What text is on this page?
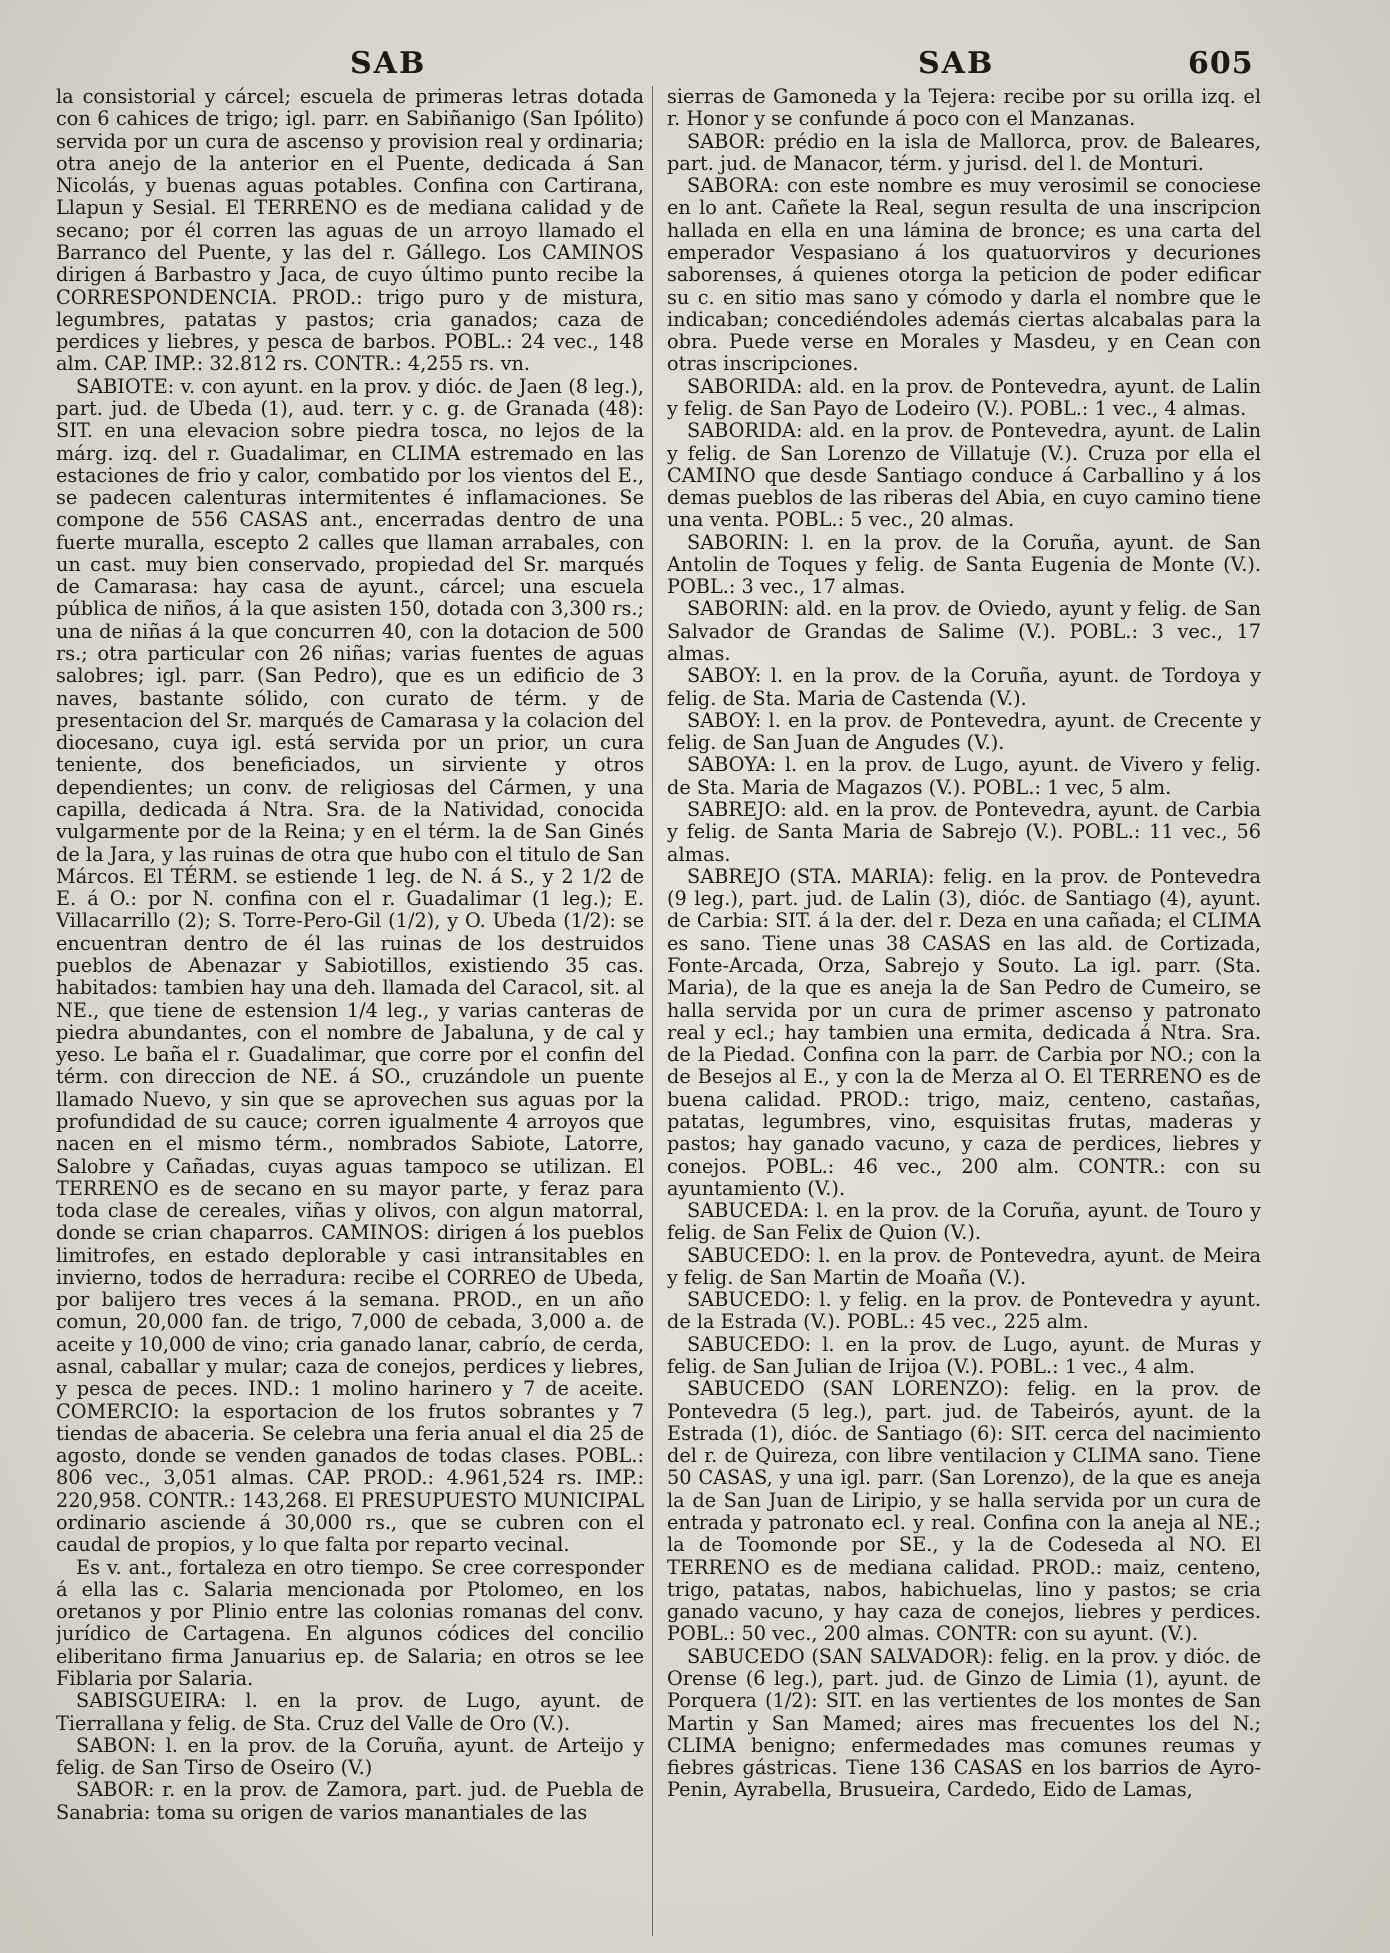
SAB	SAB	605

la consistorial y cárcel; escuela de primeras letras dotada con 6 cahices de trigo; igl. parr. en Sabiñanigo (San Ipólito) servida por un cura de ascenso y provision real y ordinaria; otra anejo de la anterior en el Puente, dedicada á San Nicolás, y buenas aguas potables. Confina con Cartirana, Llapun y Sesial. El TERRENO es de mediana calidad y de secano; por él corren las aguas de un arroyo llamado el Barranco del Puente, y las del r. Gállego. Los CAMINOS dirigen á Barbastro y Jaca, de cuyo último punto recibe la CORRESPONDENCIA. PROD.: trigo puro y de mistura, legumbres, patatas y pastos; cria ganados; caza de perdices y liebres, y pesca de barbos. POBL.: 24 vec., 148 alm. CAP. IMP.: 32.812 rs. CONTR.: 4,255 rs. vn.

SABIOTE: v. con ayunt. en la prov. y dióc. de Jaen (8 leg.), part. jud. de Ubeda (1), aud. terr. y c. g. de Granada (48): SIT. en una elevacion sobre piedra tosca, no lejos de la márg. izq. del r. Guadalimar, en CLIMA estremado en las estaciones de frio y calor, combatido por los vientos del E., se padecen calenturas intermitentes é inflamaciones. Se compone de 556 CASAS ant., encerradas dentro de una fuerte muralla, escepto 2 calles que llaman arrabales, con un cast. muy bien conservado, propiedad del Sr. marqués de Camarasa: hay casa de ayunt., cárcel; una escuela pública de niños, á la que asisten 150, dotada con 3,300 rs.; una de niñas á la que concurren 40, con la dotacion de 500 rs.; otra particular con 26 niñas; varias fuentes de aguas salobres; igl. parr. (San Pedro), que es un edificio de 3 naves, bastante sólido, con curato de térm. y de presentacion del Sr. marqués de Camarasa y la colacion del diocesano, cuya igl. está servida por un prior, un cura teniente, dos beneficiados, un sirviente y otros dependientes; un conv. de religiosas del Cármen, y una capilla, dedicada á Ntra. Sra. de la Natividad, conocida vulgarmente por de la Reina; y en el térm. la de San Ginés de la Jara, y las ruinas de otra que hubo con el titulo de San Márcos. El TÉRM. se estiende 1 leg. de N. á S., y 2 1/2 de E. á O.: por N. confina con el r. Guadalimar (1 leg.); E. Villacarrillo (2); S. Torre-Pero-Gil (1/2), y O. Ubeda (1/2): se encuentran dentro de él las ruinas de los destruidos pueblos de Abenazar y Sabiotillos, existiendo 35 cas. habitados: tambien hay una deh. llamada del Caracol, sit. al NE., que tiene de estension 1/4 leg., y varias canteras de piedra abundantes, con el nombre de Jabaluna, y de cal y yeso. Le baña el r. Guadalimar, que corre por el confin del térm. con direccion de NE. á SO., cruzándole un puente llamado Nuevo, y sin que se aprovechen sus aguas por la profundidad de su cauce; corren igualmente 4 arroyos que nacen en el mismo térm., nombrados Sabiote, Latorre, Salobre y Cañadas, cuyas aguas tampoco se utilizan. El TERRENO es de secano en su mayor parte, y feraz para toda clase de cereales, viñas y olivos, con algun matorral, donde se crian chaparros. CAMINOS: dirigen á los pueblos limitrofes, en estado deplorable y casi intransitables en invierno, todos de herradura: recibe el CORREO de Ubeda, por balijero tres veces á la semana. PROD., en un año comun, 20,000 fan. de trigo, 7,000 de cebada, 3,000 a. de aceite y 10,000 de vino; cria ganado lanar, cabrío, de cerda, asnal, caballar y mular; caza de conejos, perdices y liebres, y pesca de peces. IND.: 1 molino harinero y 7 de aceite. COMERCIO: la esportacion de los frutos sobrantes y 7 tiendas de abaceria. Se celebra una feria anual el dia 25 de agosto, donde se venden ganados de todas clases. POBL.: 806 vec., 3,051 almas. CAP. PROD.: 4.961,524 rs. IMP.: 220,958. CONTR.: 143,268. El PRESUPUESTO MUNICIPAL ordinario asciende á 30,000 rs., que se cubren con el caudal de propios, y lo que falta por reparto vecinal.

Es v. ant., fortaleza en otro tiempo. Se cree corresponder á ella las c. Salaria mencionada por Ptolomeo, en los oretanos y por Plinio entre las colonias romanas del conv. jurídico de Cartagena. En algunos códices del concilio eliberitano firma Januarius ep. de Salaria; en otros se lee Fiblaria por Salaria.

SABISGUEIRA: l. en la prov. de Lugo, ayunt. de Tierrallana y felig. de Sta. Cruz del Valle de Oro (V.).

SABON: l. en la prov. de la Coruña, ayunt. de Arteijo y felig. de San Tirso de Oseiro (V.)

SABOR: r. en la prov. de Zamora, part. jud. de Puebla de Sanabria: toma su origen de varios manantiales de las

sierras de Gamoneda y la Tejera: recibe por su orilla izq. el r. Honor y se confunde á poco con el Manzanas.

SABOR: prédio en la isla de Mallorca, prov. de Baleares, part. jud. de Manacor, térm. y jurisd. del l. de Monturi.

SABORA: con este nombre es muy verosimil se conociese en lo ant. Cañete la Real, segun resulta de una inscripcion hallada en ella en una lámina de bronce; es una carta del emperador Vespasiano á los quatuorviros y decuriones saborenses, á quienes otorga la peticion de poder edificar su c. en sitio mas sano y cómodo y darla el nombre que le indicaban; concediéndoles además ciertas alcabalas para la obra. Puede verse en Morales y Masdeu, y en Cean con otras inscripciones.

SABORIDA: ald. en la prov. de Pontevedra, ayunt. de Lalin y felig. de San Payo de Lodeiro (V.). POBL.: 1 vec., 4 almas.

SABORIDA: ald. en la prov. de Pontevedra, ayunt. de Lalin y felig. de San Lorenzo de Villatuje (V.). Cruza por ella el CAMINO que desde Santiago conduce á Carballino y á los demas pueblos de las riberas del Abia, en cuyo camino tiene una venta. POBL.: 5 vec., 20 almas.

SABORIN: l. en la prov. de la Coruña, ayunt. de San Antolin de Toques y felig. de Santa Eugenia de Monte (V.). POBL.: 3 vec., 17 almas.

SABORIN: ald. en la prov. de Oviedo, ayunt y felig. de San Salvador de Grandas de Salime (V.). POBL.: 3 vec., 17 almas.

SABOY: l. en la prov. de la Coruña, ayunt. de Tordoya y felig. de Sta. Maria de Castenda (V.).

SABOY: l. en la prov. de Pontevedra, ayunt. de Crecente y felig. de San Juan de Angudes (V.).

SABOYA: l. en la prov. de Lugo, ayunt. de Vivero y felig. de Sta. Maria de Magazos (V.). POBL.: 1 vec, 5 alm.

SABREJO: ald. en la prov. de Pontevedra, ayunt. de Carbia y felig. de Santa Maria de Sabrejo (V.). POBL.: 11 vec., 56 almas.

SABREJO (STA. MARIA): felig. en la prov. de Pontevedra (9 leg.), part. jud. de Lalin (3), dióc. de Santiago (4), ayunt. de Carbia: SIT. á la der. del r. Deza en una cañada; el CLIMA es sano. Tiene unas 38 CASAS en las ald. de Cortizada, Fonte-Arcada, Orza, Sabrejo y Souto. La igl. parr. (Sta. Maria), de la que es aneja la de San Pedro de Cumeiro, se halla servida por un cura de primer ascenso y patronato real y ecl.; hay tambien una ermita, dedicada á Ntra. Sra. de la Piedad. Confina con la parr. de Carbia por NO.; con la de Besejos al E., y con la de Merza al O. El TERRENO es de buena calidad. PROD.: trigo, maiz, centeno, castañas, patatas, legumbres, vino, esquisitas frutas, maderas y pastos; hay ganado vacuno, y caza de perdices, liebres y conejos. POBL.: 46 vec., 200 alm. CONTR.: con su ayuntamiento (V.).

SABUCEDA: l. en la prov. de la Coruña, ayunt. de Touro y felig. de San Felix de Quion (V.).

SABUCEDO: l. en la prov. de Pontevedra, ayunt. de Meira y felig. de San Martin de Moaña (V.).

SABUCEDO: l. y felig. en la prov. de Pontevedra y ayunt. de la Estrada (V.). POBL.: 45 vec., 225 alm.

SABUCEDO: l. en la prov. de Lugo, ayunt. de Muras y felig. de San Julian de Irijoa (V.). POBL.: 1 vec., 4 alm.

SABUCEDO (SAN LORENZO): felig. en la prov. de Pontevedra (5 leg.), part. jud. de Tabeirós, ayunt. de la Estrada (1), dióc. de Santiago (6): SIT. cerca del nacimiento del r. de Quireza, con libre ventilacion y CLIMA sano. Tiene 50 CASAS, y una igl. parr. (San Lorenzo), de la que es aneja la de San Juan de Liripio, y se halla servida por un cura de entrada y patronato ecl. y real. Confina con la aneja al NE.; la de Toomonde por SE., y la de Codeseda al NO. El TERRENO es de mediana calidad. PROD.: maiz, centeno, trigo, patatas, nabos, habichuelas, lino y pastos; se cria ganado vacuno, y hay caza de conejos, liebres y perdices. POBL.: 50 vec., 200 almas. CONTR: con su ayunt. (V.).

SABUCEDO (SAN SALVADOR): felig. en la prov. y dióc. de Orense (6 leg.), part. jud. de Ginzo de Limia (1), ayunt. de Porquera (1/2): SIT. en las vertientes de los montes de San Martin y San Mamed; aires mas frecuentes los del N.; CLIMA benigno; enfermedades mas comunes reumas y fiebres gástricas. Tiene 136 CASAS en los barrios de Ayro-Penin, Ayrabella, Brusueira, Cardedo, Eido de Lamas,
